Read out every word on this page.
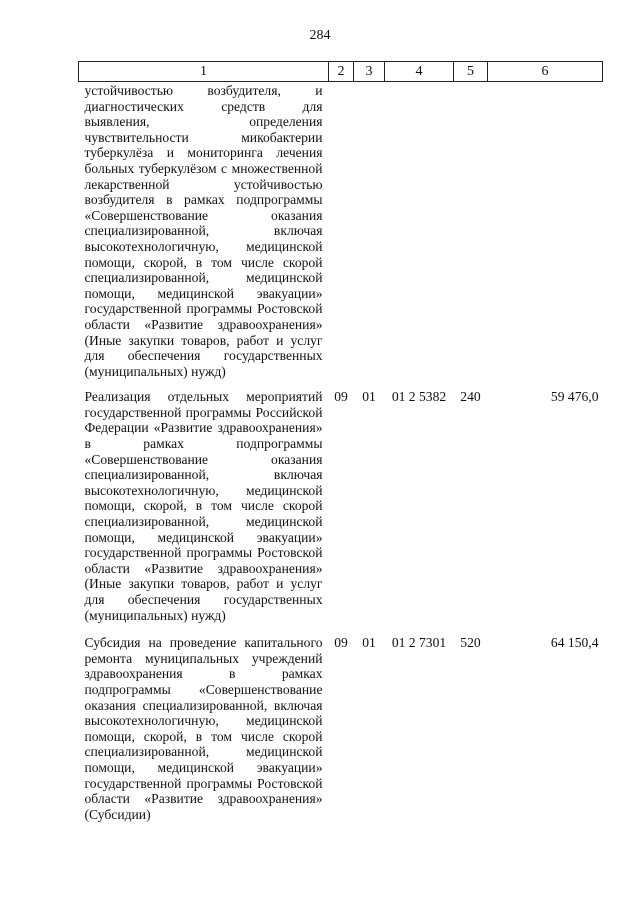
284
1	2	3	4	5	6
устойчивостью возбудителя, и диагностических средств для выявления, определения чувствительности микобактерии туберкулёза и мониторинга лечения больных туберкулёзом с множественной лекарственной устойчивостью возбудителя в рамках подпрограммы «Совершенствование оказания специализированной, включая высокотехнологичную, медицинской помощи, скорой, в том числе скорой специализированной, медицинской помощи, медицинской эвакуации» государственной программы Ростовской области «Развитие здравоохранения» (Иные закупки товаров, работ и услуг для обеспечения государственных (муниципальных) нужд)					
Реализация отдельных мероприятий государственной программы Российской Федерации «Развитие здравоохранения» в рамках подпрограммы «Совершенствование оказания специализированной, включая высокотехнологичную, медицинской помощи, скорой, в том числе скорой специализированной, медицинской помощи, медицинской эвакуации» государственной программы Ростовской области «Развитие здравоохранения» (Иные закупки товаров, работ и услуг для обеспечения государственных (муниципальных) нужд)	09	01	01 2 5382	240	59 476,0
Субсидия на проведение капитального ремонта муниципальных учреждений здравоохранения в рамках подпрограммы «Совершенствование оказания специализированной, включая высокотехнологичную, медицинской помощи, скорой, в том числе скорой специализированной, медицинской помощи, медицинской эвакуации» государственной программы Ростовской области «Развитие здравоохранения» (Субсидии)	09	01	01 2 7301	520	64 150,4
